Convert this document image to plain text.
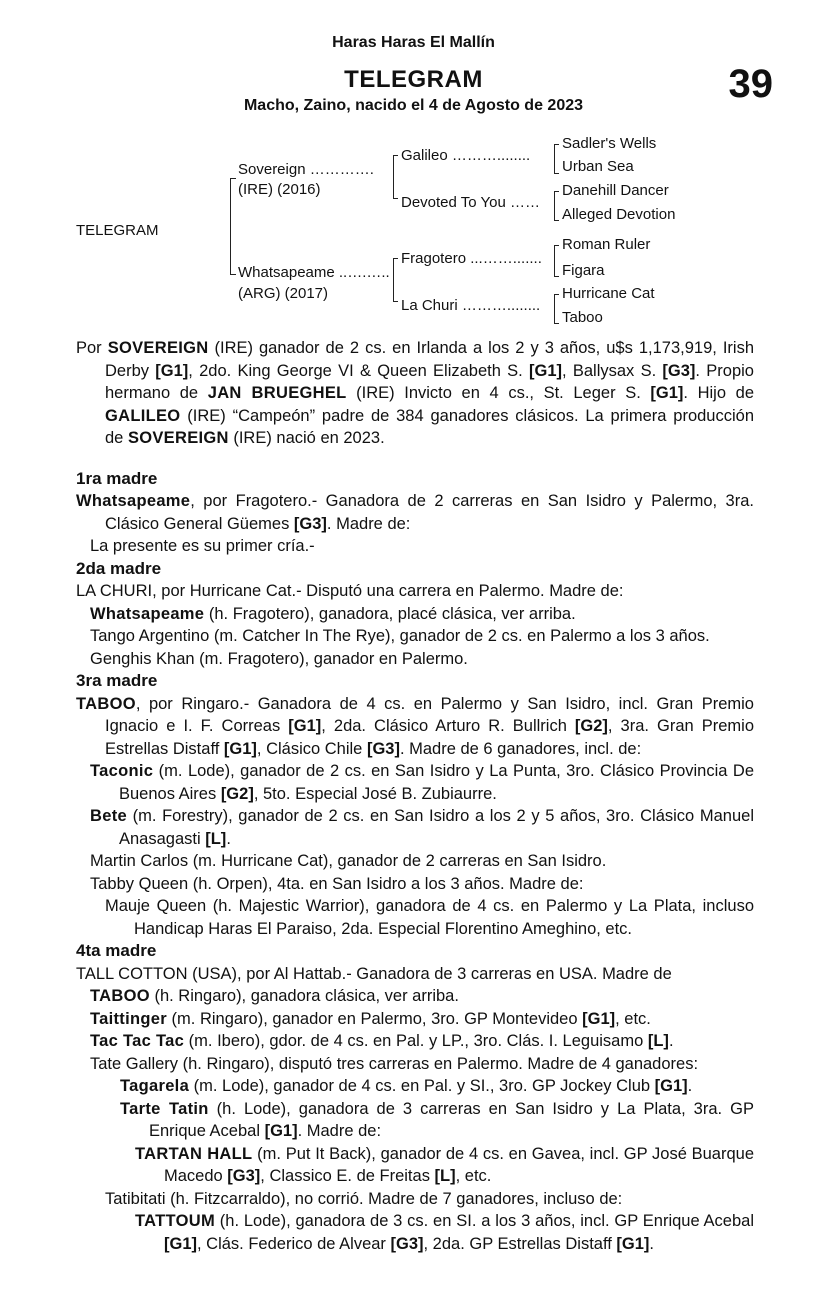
Haras Haras El Mallín
TELEGRAM
Macho, Zaino, nacido el 4 de Agosto de 2023	39
TELEGRAM
Sovereign ………….
(IRE) (2016)
Whatsapeame ..….…..
(ARG) (2017)
Galileo ………........
Devoted To You ……
Fragotero ...…….......
La Churi ………........
Sadler's Wells
Urban Sea
Danehill Dancer
Alleged Devotion
Roman Ruler
Figara
Hurricane Cat
Taboo

Por SOVEREIGN (IRE) ganador de 2 cs. en Irlanda a los 2 y 3 años, u$s 1,173,919, Irish Derby [G1], 2do. King George VI & Queen Elizabeth S. [G1], Ballysax S. [G3]. Propio hermano de JAN BRUEGHEL (IRE) Invicto en 4 cs., St. Leger S. [G1]. Hijo de GALILEO (IRE) “Campeón” padre de 384 ganadores clásicos. La primera producción de SOVEREIGN (IRE) nació en 2023.

1ra madre

Whatsapeame, por Fragotero.- Ganadora de 2 carreras en San Isidro y Palermo, 3ra. Clásico General Güemes [G3]. Madre de:

La presente es su primer cría.-

2da madre

LA CHURI, por Hurricane Cat.- Disputó una carrera en Palermo. Madre de:

Whatsapeame (h. Fragotero), ganadora, placé clásica, ver arriba.

Tango Argentino (m. Catcher In The Rye), ganador de 2 cs. en Palermo a los 3 años.

Genghis Khan (m. Fragotero), ganador en Palermo.

3ra madre

TABOO, por Ringaro.- Ganadora de 4 cs. en Palermo y San Isidro, incl. Gran Premio Ignacio e I. F. Correas [G1], 2da. Clásico Arturo R. Bullrich [G2], 3ra. Gran Premio Estrellas Distaff [G1], Clásico Chile [G3]. Madre de 6 ganadores, incl. de:

Taconic (m. Lode), ganador de 2 cs. en San Isidro y La Punta, 3ro. Clásico Provincia De Buenos Aires [G2], 5to. Especial José B. Zubiaurre.

Bete (m. Forestry), ganador de 2 cs. en San Isidro a los 2 y 5 años, 3ro. Clásico Manuel Anasagasti [L].

Martin Carlos (m. Hurricane Cat), ganador de 2 carreras en San Isidro.

Tabby Queen (h. Orpen), 4ta. en San Isidro a los 3 años. Madre de:

Mauje Queen (h. Majestic Warrior), ganadora de 4 cs. en Palermo y La Plata, incluso Handicap Haras El Paraiso, 2da. Especial Florentino Ameghino, etc.

4ta madre

TALL COTTON (USA), por Al Hattab.- Ganadora de 3 carreras en USA. Madre de

TABOO (h. Ringaro), ganadora clásica, ver arriba.

Taittinger (m. Ringaro), ganador en Palermo, 3ro. GP Montevideo [G1], etc.

Tac Tac Tac (m. Ibero), gdor. de 4 cs. en Pal. y LP., 3ro. Clás. I. Leguisamo [L].

Tate Gallery (h. Ringaro), disputó tres carreras en Palermo. Madre de 4 ganadores:

Tagarela (m. Lode), ganador de 4 cs. en Pal. y SI., 3ro. GP Jockey Club [G1].

Tarte Tatin (h. Lode), ganadora de 3 carreras en San Isidro y La Plata, 3ra. GP Enrique Acebal [G1]. Madre de:

TARTAN HALL (m. Put It Back), ganador de 4 cs. en Gavea, incl. GP José Buarque Macedo [G3], Classico E. de Freitas [L], etc.

Tatibitati (h. Fitzcarraldo), no corrió. Madre de 7 ganadores, incluso de:

TATTOUM (h. Lode), ganadora de 3 cs. en SI. a los 3 años, incl. GP Enrique Acebal [G1], Clás. Federico de Alvear [G3], 2da. GP Estrellas Distaff [G1].
